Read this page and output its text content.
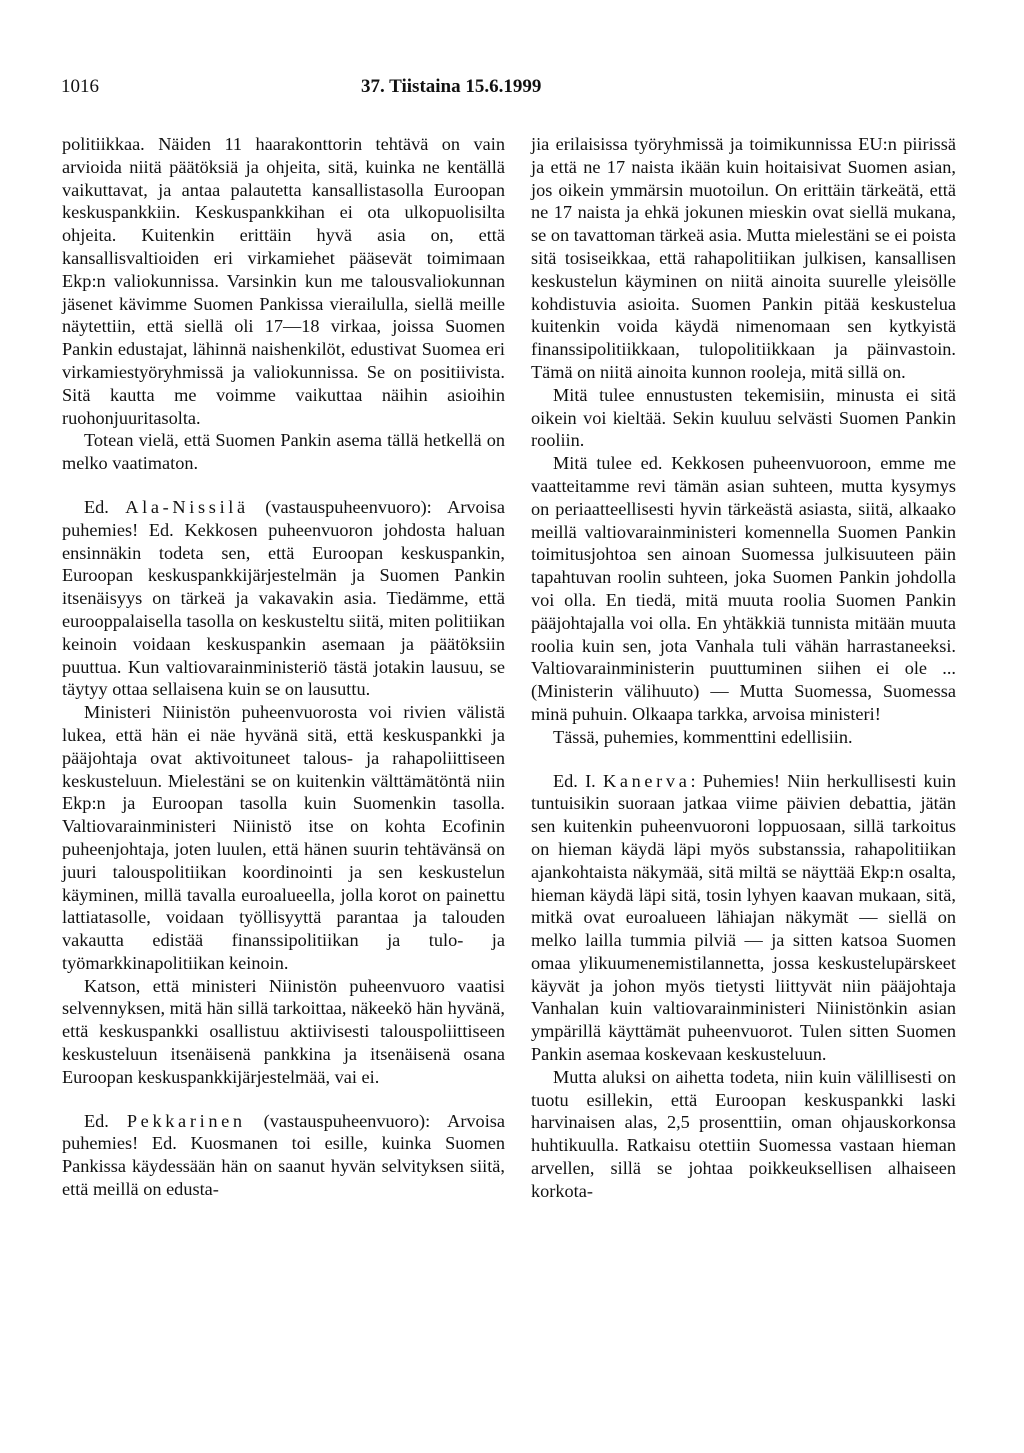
1016	37. Tiistaina 15.6.1999

politiikkaa. Näiden 11 haarakonttorin tehtävä on vain arvioida niitä päätöksiä ja ohjeita, sitä, kuinka ne kentällä vaikuttavat, ja antaa palautetta kansallistasolla Euroopan keskuspankkiin. Keskuspankkihan ei ota ulkopuolisilta ohjeita. Kuitenkin erittäin hyvä asia on, että kansallisvaltioiden eri virkamiehet pääsevät toimimaan Ekp:n valiokunnissa. Varsinkin kun me talousvaliokunnan jäsenet kävimme Suomen Pankissa vierailulla, siellä meille näytettiin, että siellä oli 17—18 virkaa, joissa Suomen Pankin edustajat, lähinnä naishenkilöt, edustivat Suomea eri virkamiestyöryhmissä ja valiokunnissa. Se on positiivista. Sitä kautta me voimme vaikuttaa näihin asioihin ruohonjuuritasolta.

Totean vielä, että Suomen Pankin asema tällä hetkellä on melko vaatimaton.

Ed. Ala-Nissilä (vastauspuheenvuoro): Arvoisa puhemies! Ed. Kekkosen puheenvuoron johdosta haluan ensinnäkin todeta sen, että Euroopan keskuspankin, Euroopan keskuspankkijärjestelmän ja Suomen Pankin itsenäisyys on tärkeä ja vakavakin asia. Tiedämme, että eurooppalaisella tasolla on keskusteltu siitä, miten politiikan keinoin voidaan keskuspankin asemaan ja päätöksiin puuttua. Kun valtiovarainministeriö tästä jotakin lausuu, se täytyy ottaa sellaisena kuin se on lausuttu.

Ministeri Niinistön puheenvuorosta voi rivien välistä lukea, että hän ei näe hyvänä sitä, että keskuspankki ja pääjohtaja ovat aktivoituneet talous- ja rahapoliittiseen keskusteluun. Mielestäni se on kuitenkin välttämätöntä niin Ekp:n ja Euroopan tasolla kuin Suomenkin tasolla. Valtiovarainministeri Niinistö itse on kohta Ecofinin puheenjohtaja, joten luulen, että hänen suurin tehtävänsä on juuri talouspolitiikan koordinointi ja sen keskustelun käyminen, millä tavalla euroalueella, jolla korot on painettu lattiatasolle, voidaan työllisyyttä parantaa ja talouden vakautta edistää finanssipolitiikan ja tulo- ja työmarkkinapolitiikan keinoin.

Katson, että ministeri Niinistön puheenvuoro vaatisi selvennyksen, mitä hän sillä tarkoittaa, näkeekö hän hyvänä, että keskuspankki osallistuu aktiivisesti talouspoliittiseen keskusteluun itsenäisenä pankkina ja itsenäisenä osana Euroopan keskuspankkijärjestelmää, vai ei.

Ed. Pekkarinen (vastauspuheenvuoro): Arvoisa puhemies! Ed. Kuosmanen toi esille, kuinka Suomen Pankissa käydessään hän on saanut hyvän selvityksen siitä, että meillä on edusta-

jia erilaisissa työryhmissä ja toimikunnissa EU:n piirissä ja että ne 17 naista ikään kuin hoitaisivat Suomen asian, jos oikein ymmärsin muotoilun. On erittäin tärkeätä, että ne 17 naista ja ehkä jokunen mieskin ovat siellä mukana, se on tavattoman tärkeä asia. Mutta mielestäni se ei poista sitä tosiseikkaa, että rahapolitiikan julkisen, kansallisen keskustelun käyminen on niitä ainoita suurelle yleisölle kohdistuvia asioita. Suomen Pankin pitää keskustelua kuitenkin voida käydä nimenomaan sen kytkyistä finanssipolitiikkaan, tulopolitiikkaan ja päinvastoin. Tämä on niitä ainoita kunnon rooleja, mitä sillä on.

Mitä tulee ennustusten tekemisiin, minusta ei sitä oikein voi kieltää. Sekin kuuluu selvästi Suomen Pankin rooliin.

Mitä tulee ed. Kekkosen puheenvuoroon, emme me vaatteitamme revi tämän asian suhteen, mutta kysymys on periaatteellisesti hyvin tärkeästä asiasta, siitä, alkaako meillä valtiovarainministeri komennella Suomen Pankin toimitusjohtoa sen ainoan Suomessa julkisuuteen päin tapahtuvan roolin suhteen, joka Suomen Pankin johdolla voi olla. En tiedä, mitä muuta roolia Suomen Pankin pääjohtajalla voi olla. En yhtäkkiä tunnista mitään muuta roolia kuin sen, jota Vanhala tuli vähän harrastaneeksi. Valtiovarainministerin puuttuminen siihen ei ole ... (Ministerin välihuuto) — Mutta Suomessa, Suomessa minä puhuin. Olkaapa tarkka, arvoisa ministeri!

Tässä, puhemies, kommenttini edellisiin.

Ed. I. Kanerva: Puhemies! Niin herkullisesti kuin tuntuisikin suoraan jatkaa viime päivien debattia, jätän sen kuitenkin puheenvuoroni loppuosaan, sillä tarkoitus on hieman käydä läpi myös substanssia, rahapolitiikan ajankohtaista näkymää, sitä miltä se näyttää Ekp:n osalta, hieman käydä läpi sitä, tosin lyhyen kaavan mukaan, sitä, mitkä ovat euroalueen lähiajan näkymät — siellä on melko lailla tummia pilviä — ja sitten katsoa Suomen omaa ylikuumenemistilannetta, jossa keskustelupärskeet käyvät ja johon myös tietysti liittyvät niin pääjohtaja Vanhalan kuin valtiovarainministeri Niinistönkin asian ympärillä käyttämät puheenvuorot. Tulen sitten Suomen Pankin asemaa koskevaan keskusteluun.

Mutta aluksi on aihetta todeta, niin kuin välillisesti on tuotu esillekin, että Euroopan keskuspankki laski harvinaisen alas, 2,5 prosenttiin, oman ohjauskorkonsa huhtikuulla. Ratkaisu otettiin Suomessa vastaan hieman arvellen, sillä se johtaa poikkeuksellisen alhaiseen korkota-
